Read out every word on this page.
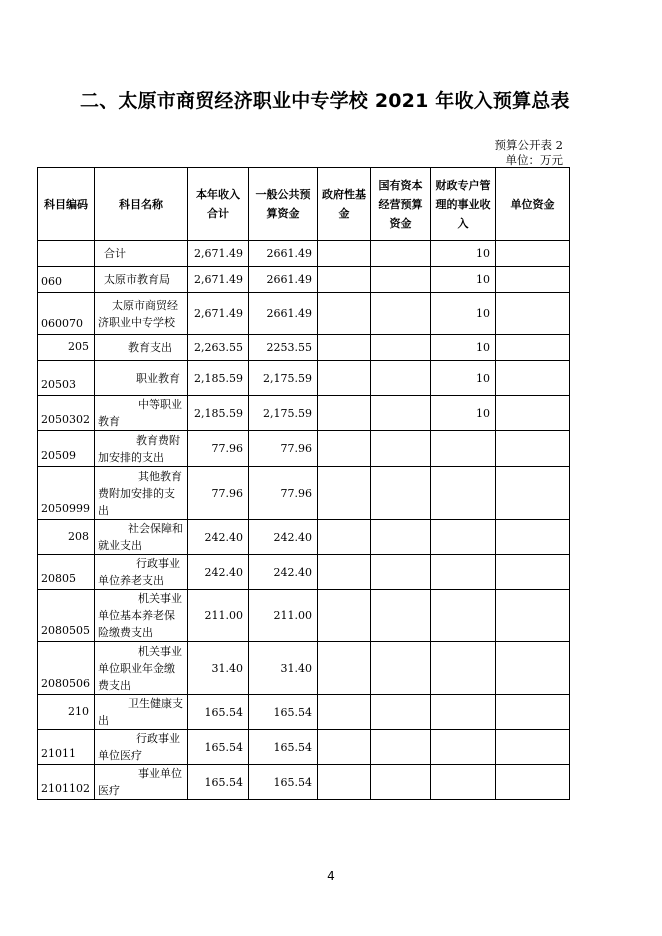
二、太原市商贸经济职业中专学校 2021 年收入预算总表
预算公开表 2
单位：万元
科目编码	科目名称	本年收入合计	一般公共预算资金	政府性基金	国有资本经营预算资金	财政专户管理的事业收入	单位资金
	合计	2,671.49	2661.49			10	
060	太原市教育局	2,671.49	2661.49			10	
060070	太原市商贸经济职业中专学校	2,671.49	2661.49			10	
205	教育支出	2,263.55	2253.55			10	
20503	职业教育	2,185.59	2,175.59			10	
2050302	中等职业教育	2,185.59	2,175.59			10	
20509	教育费附加安排的支出	77.96	77.96				
2050999	其他教育费附加安排的支出	77.96	77.96				
208	社会保障和就业支出	242.40	242.40				
20805	行政事业单位养老支出	242.40	242.40				
2080505	机关事业单位基本养老保险缴费支出	211.00	211.00				
2080506	机关事业单位职业年金缴费支出	31.40	31.40				
210	卫生健康支出	165.54	165.54				
21011	行政事业单位医疗	165.54	165.54				
2101102	事业单位医疗	165.54	165.54				
4
